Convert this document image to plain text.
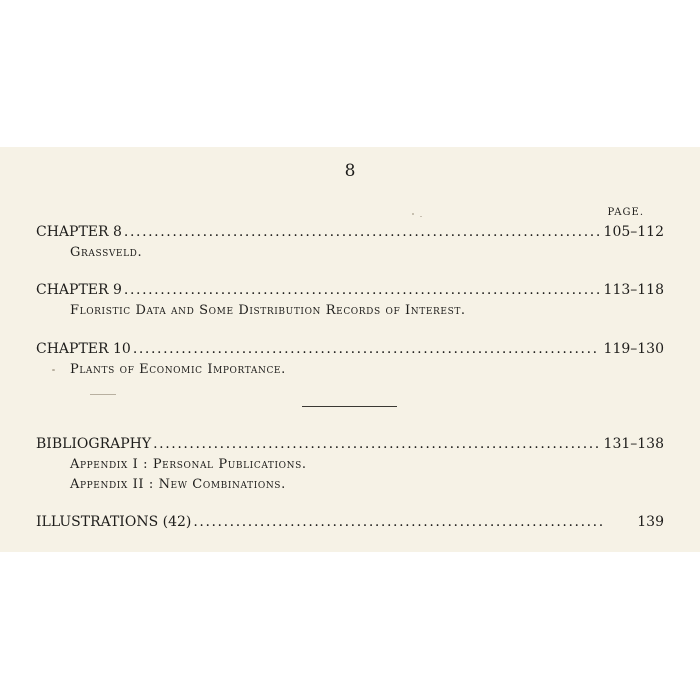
8
PAGE.
CHAPTER 8 .....	105–112
Grassveld.
CHAPTER 9 .....	113–118
Floristic Data and Some Distribution Records of Interest.
CHAPTER 10 .....	119–130
Plants of Economic Importance.
BIBLIOGRAPHY .....	131–138
Appendix I : Personal Publications.
Appendix II : New Combinations.
ILLUSTRATIONS (42) .....	139
